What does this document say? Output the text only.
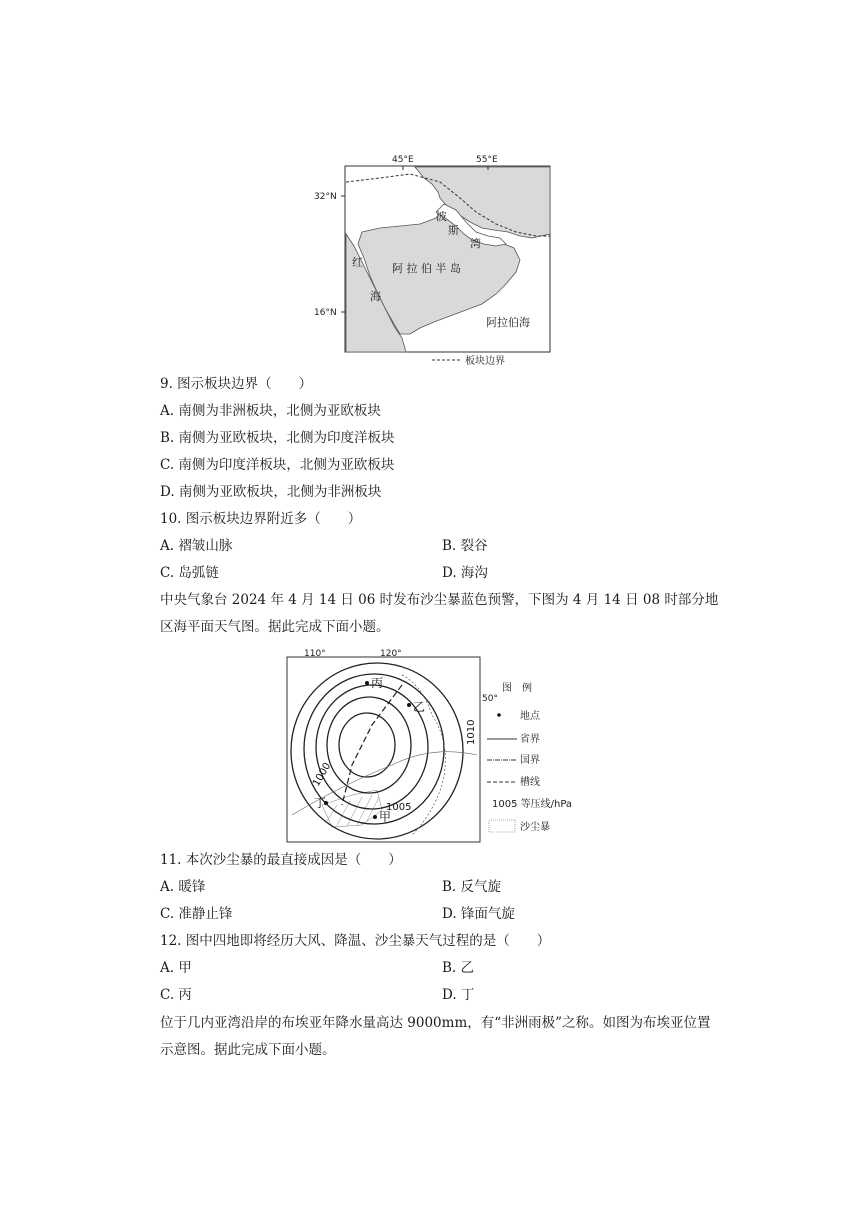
45°E	55°E
32°N
16°N
波
斯
湾
红
海
阿 拉 伯 半 岛
阿拉伯海
板块边界
9. 图示板块边界（　　）
A. 南侧为非洲板块，北侧为亚欧板块
B. 南侧为亚欧板块，北侧为印度洋板块
C. 南侧为印度洋板块，北侧为亚欧板块
D. 南侧为亚欧板块，北侧为非洲板块
10. 图示板块边界附近多（　　）
A. 褶皱山脉	B. 裂谷
C. 岛弧链	D. 海沟
中央气象台 2024 年 4 月 14 日 06 时发布沙尘暴蓝色预警，下图为 4 月 14 日 08 时部分地区海平面天气图。据此完成下面小题。
丙
乙
丁
甲
1000
1005
1010
110°	120°
50°
图　例
地点
省界
国界
槽线
1005 等压线/hPa
沙尘暴
11. 本次沙尘暴的最直接成因是（　　）
A. 暖锋	B. 反气旋
C. 准静止锋	D. 锋面气旋
12. 图中四地即将经历大风、降温、沙尘暴天气过程的是（　　）
A. 甲	B. 乙
C. 丙	D. 丁
位于几内亚湾沿岸的布埃亚年降水量高达 9000mm，有“非洲雨极”之称。如图为布埃亚位置示意图。据此完成下面小题。
